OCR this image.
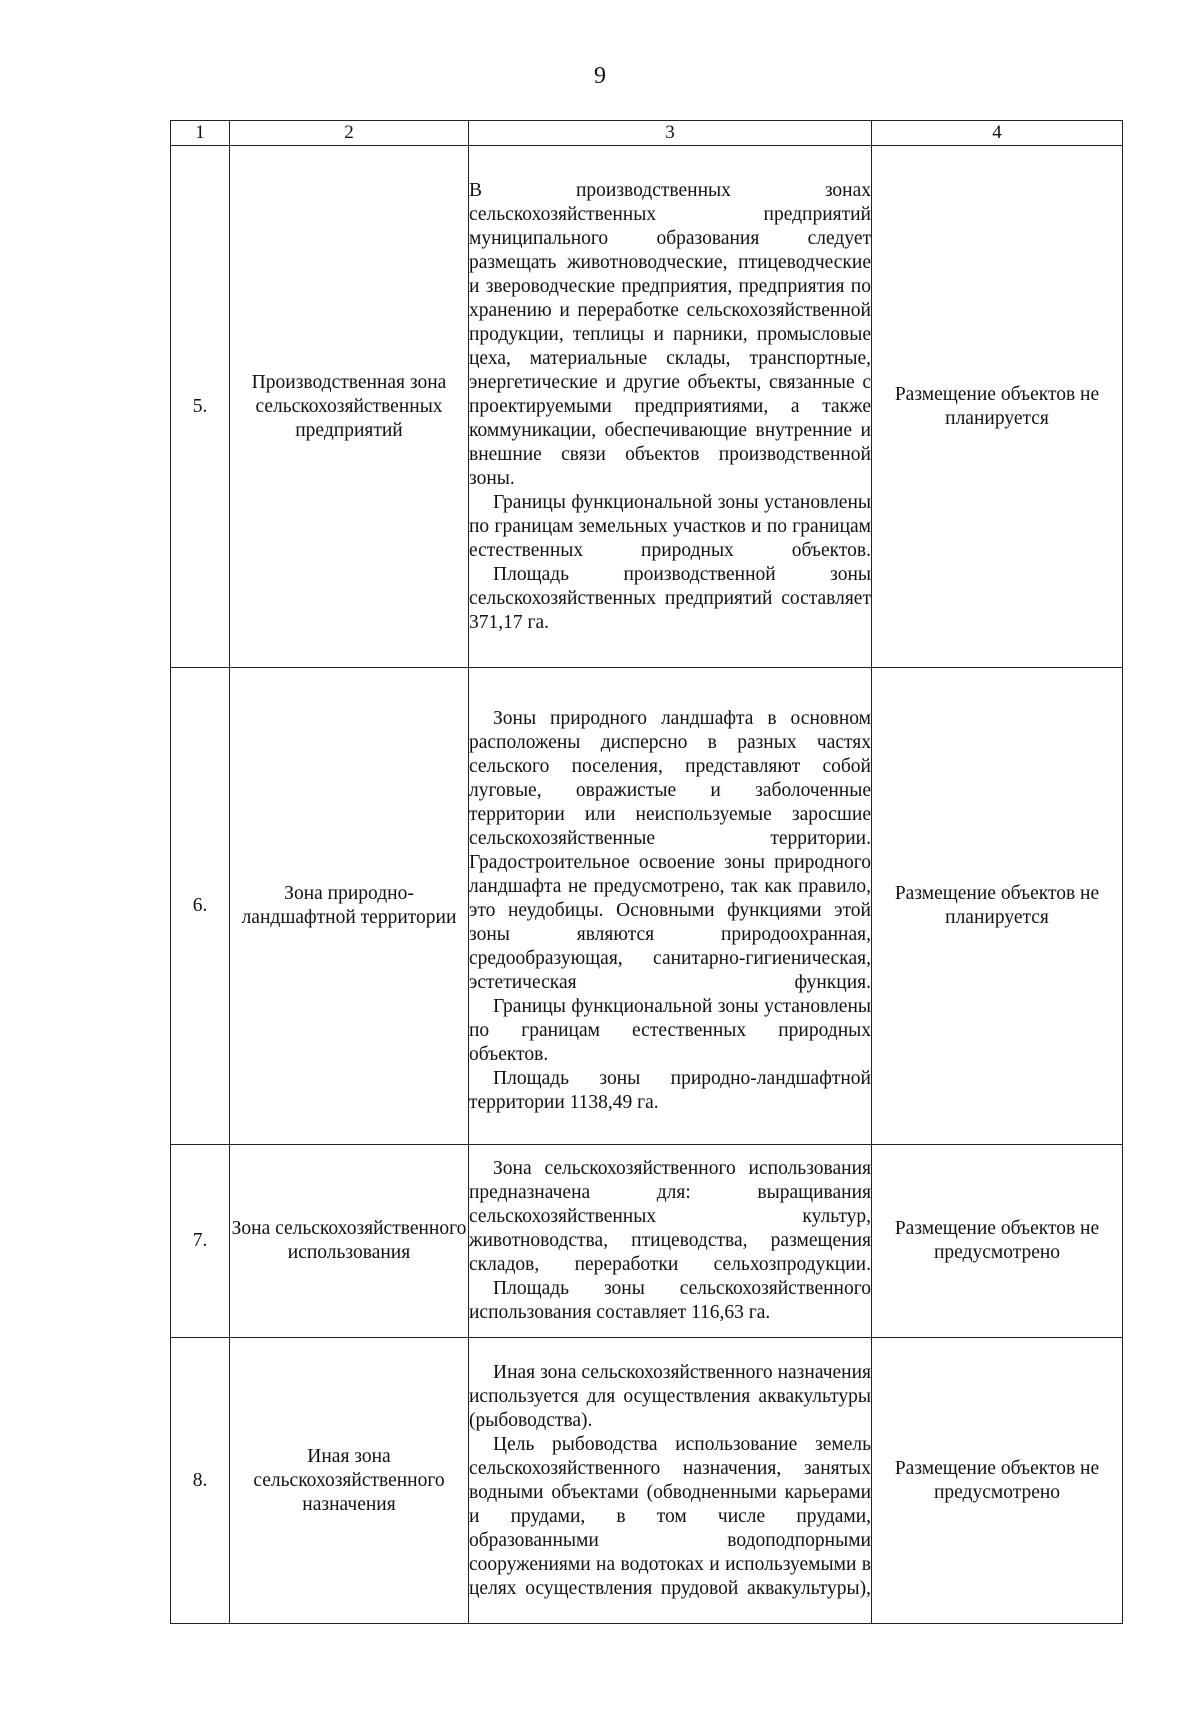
9
1	2	3	4
5.	Производственная зона сельскохозяйственных предприятий	В производственных зонах сельскохозяйственных предприятий муниципального образования следует размещать животноводческие, птицеводческие и звероводческие предприятия, предприятия по хранению и переработке сельскохозяйственной продукции, теплицы и парники, промысловые цеха, материальные склады, транспортные, энергетические и другие объекты, связанные с проектируемыми предприятиями, а также коммуникации, обеспечивающие внутренние и внешние связи объектов производственной зоны.
Границы функциональной зоны установлены по границам земельных участков и по границам естественных природных объектов.
Площадь производственной зоны сельскохозяйственных предприятий составляет 371,17 га.	Размещение объектов не планируется
6.	Зона природно-ландшафтной территории	Зоны природного ландшафта в основном расположены дисперсно в разных частях сельского поселения, представляют собой луговые, овражистые и заболоченные территории или неиспользуемые заросшие сельскохозяйственные территории. Градостроительное освоение зоны природного ландшафта не предусмотрено, так как правило, это неудобицы. Основными функциями этой зоны являются природоохранная, средообразующая, санитарно-гигиеническая, эстетическая функция.
Границы функциональной зоны установлены по границам естественных природных объектов.
Площадь зоны природно-ландшафтной территории 1138,49 га.	Размещение объектов не планируется
7.	Зона сельскохозяйственного использования	Зона сельскохозяйственного использования предназначена для: выращивания сельскохозяйственных культур, животноводства, птицеводства, размещения складов, переработки сельхозпродукции.
Площадь зоны сельскохозяйственного использования составляет 116,63 га.	Размещение объектов не предусмотрено
8.	Иная зона сельскохозяйственного назначения	Иная зона сельскохозяйственного назначения используется для осуществления аквакультуры (рыбоводства).
Цель рыбоводства использование земель сельскохозяйственного назначения, занятых водными объектами (обводненными карьерами и прудами, в том числе прудами, образованными водоподпорными сооружениями на водотоках и используемыми в целях осуществления прудовой аквакультуры),	Размещение объектов не предусмотрено
